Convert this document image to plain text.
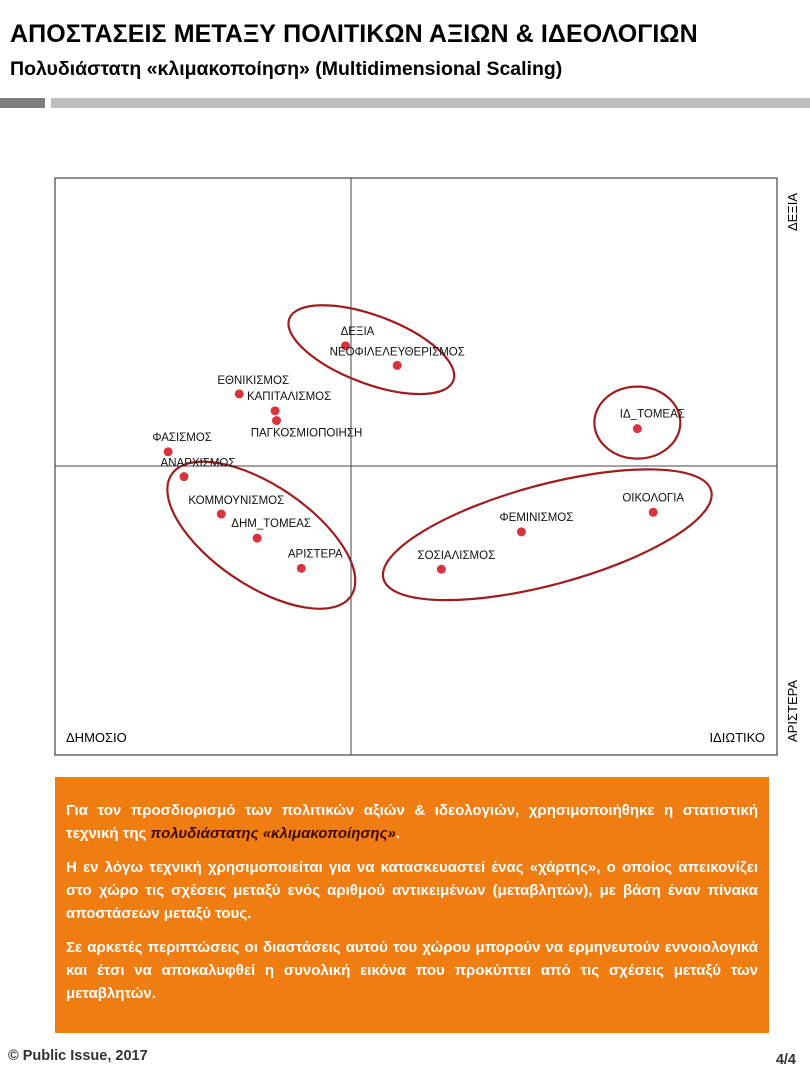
ΑΠΟΣΤΑΣΕΙΣ ΜΕΤΑΞΥ ΠΟΛΙΤΙΚΩΝ ΑΞΙΩΝ & ΙΔΕΟΛΟΓΙΩΝ
Πολυδιάστατη «κλιμακοποίηση» (Multidimensional Scaling)
ΔΕΞΙΑ
ΝΕΟΦΙΛΕΛΕΥΘΕΡΙΣΜΟΣ
ΕΘΝΙΚΙΣΜΟΣ
ΚΑΠΙΤΑΛΙΣΜΟΣ
ΠΑΓΚΟΣΜΙΟΠΟΙΗΣΗ
ΙΔ_ΤΟΜΕΑΣ
ΦΑΣΙΣΜΟΣ
ΑΝΑΡΧΙΣΜΟΣ
ΚΟΜΜΟΥΝΙΣΜΟΣ
ΔΗΜ_ΤΟΜΕΑΣ
ΑΡΙΣΤΕΡΑ
ΟΙΚΟΛΟΓΙΑ
ΦΕΜΙΝΙΣΜΟΣ
ΣΟΣΙΑΛΙΣΜΟΣ
ΔΗΜΟΣΙΟ	ΙΔΙΩΤΙΚΟ
ΔΕΞΙΑ
ΑΡΙΣΤΕΡΑ

Για τον προσδιορισμό των πολιτικών αξιών & ιδεολογιών, χρησιμοποιήθηκε η στατιστική τεχνική της πολυδιάστατης «κλιμακοποίησης».

Η εν λόγω τεχνική χρησιμοποιείται για να κατασκευαστεί ένας «χάρτης», ο οποίος απεικονίζει στο χώρο τις σχέσεις μεταξύ ενός αριθμού αντικειμένων (μεταβλητών), με βάση έναν πίνακα αποστάσεων μεταξύ τους.

Σε αρκετές περιπτώσεις οι διαστάσεις αυτού του χώρου μπορούν να ερμηνευτούν εννοιολογικά και έτσι να αποκαλυφθεί η συνολική εικόνα που προκύπτει από τις σχέσεις μεταξύ των μεταβλητών.

© Public Issue, 2017	4/4
